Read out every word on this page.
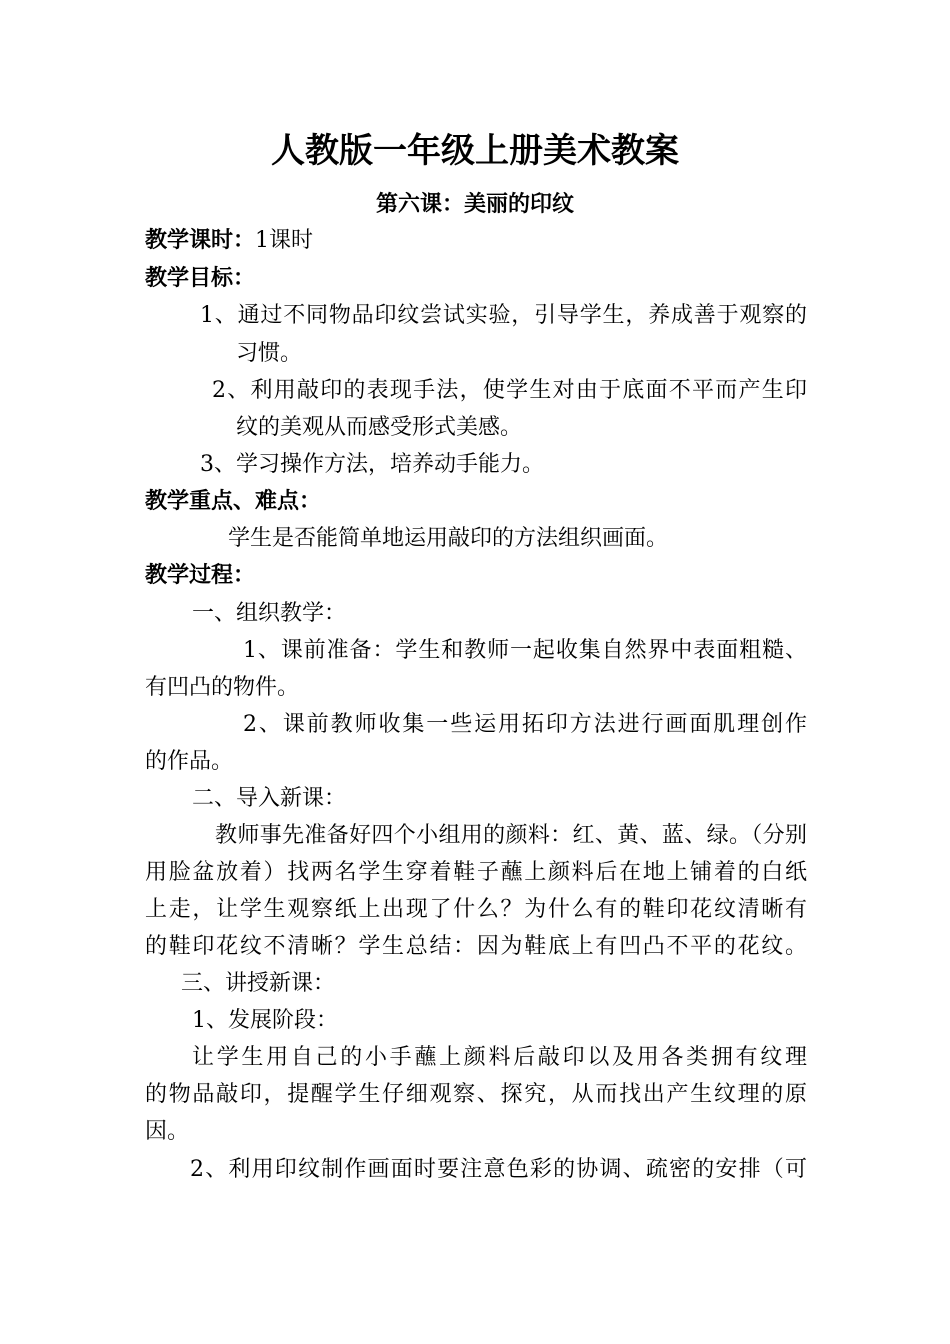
人教版一年级上册美术教案
第六课：美丽的印纹
教学课时：1课时
教学目标：
1、通过不同物品印纹尝试实验，引导学生，养成善于观察的
习惯。
2、利用敲印的表现手法，使学生对由于底面不平而产生印
纹的美观从而感受形式美感。
3、学习操作方法，培养动手能力。
教学重点、难点：
学生是否能简单地运用敲印的方法组织画面。
教学过程：
一、组织教学：
1、课前准备：学生和教师一起收集自然界中表面粗糙、
有凹凸的物件。
2、课前教师收集一些运用拓印方法进行画面肌理创作
的作品。
二、导入新课：
教师事先准备好四个小组用的颜料：红、黄、蓝、绿。（分别
用脸盆放着）找两名学生穿着鞋子蘸上颜料后在地上铺着的白纸
上走，让学生观察纸上出现了什么？为什么有的鞋印花纹清晰有
的鞋印花纹不清晰？学生总结：因为鞋底上有凹凸不平的花纹。
三、讲授新课：
1、发展阶段：
让学生用自己的小手蘸上颜料后敲印以及用各类拥有纹理
的物品敲印，提醒学生仔细观察、探究，从而找出产生纹理的原
因。
2、利用印纹制作画面时要注意色彩的协调、疏密的安排（可
